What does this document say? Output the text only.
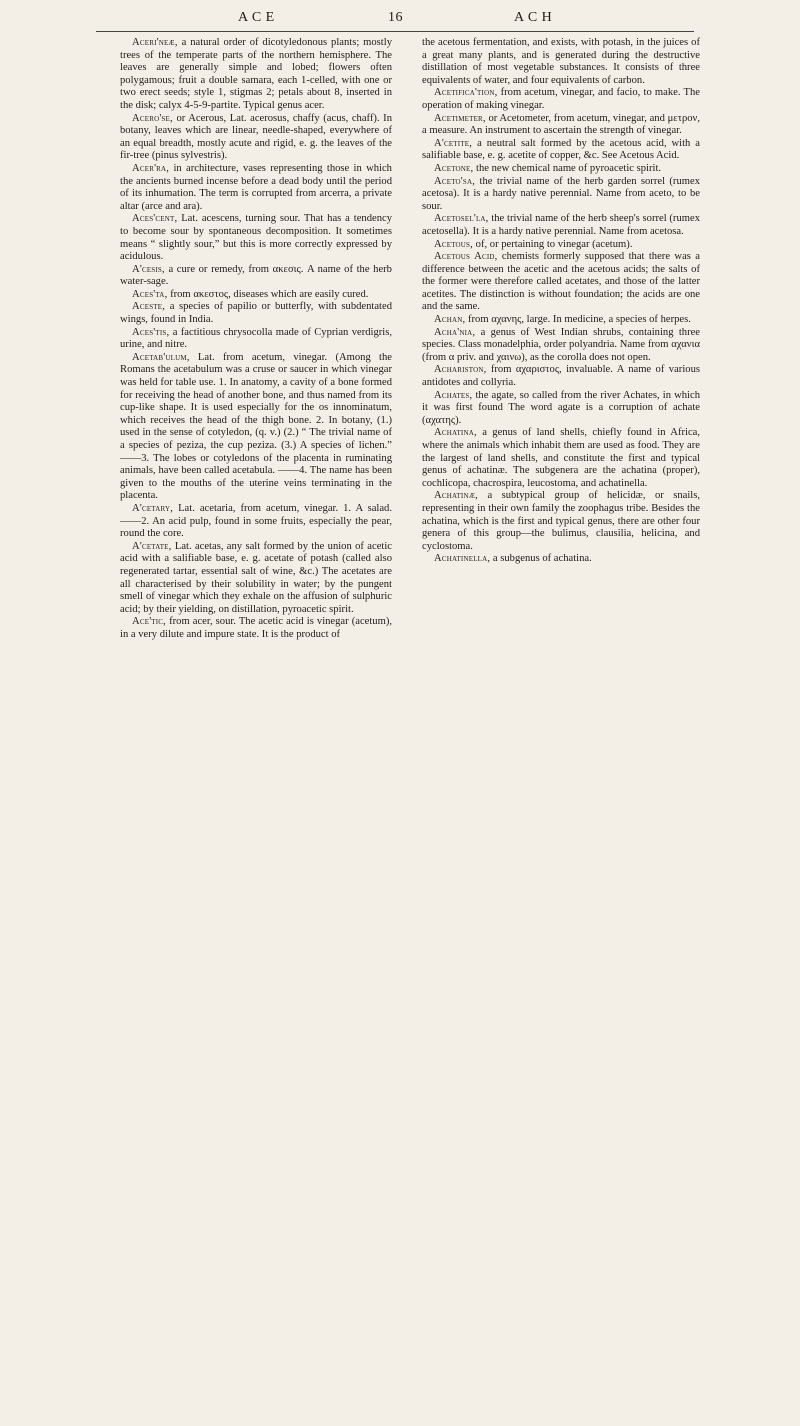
A C E	16	A C H

Aceri'neæ, a natural order of dicotyledonous plants; mostly trees of the temperate parts of the northern hemisphere. The leaves are generally simple and lobed; flowers often polygamous; fruit a double samara, each 1-celled, with one or two erect seeds; style 1, stigmas 2; petals about 8, inserted in the disk; calyx 4-5-9-partite. Typical genus acer.

Acero'se, or Acerous, Lat. acerosus, chaffy (acus, chaff). In botany, leaves which are linear, needle-shaped, everywhere of an equal breadth, mostly acute and rigid, e. g. the leaves of the fir-tree (pinus sylvestris).

Acer'ra, in architecture, vases representing those in which the ancients burned incense before a dead body until the period of its inhumation. The term is corrupted from arcerra, a private altar (arce and ara).

Aces'cent, Lat. acescens, turning sour. That has a tendency to become sour by spontaneous decomposition. It sometimes means “ slightly sour,” but this is more correctly expressed by acidulous.

A'cesis, a cure or remedy, from ακεσις. A name of the herb water-sage.

Aces'ta, from ακεστος, diseases which are easily cured.

Aceste, a species of papilio or butterfly, with subdentated wings, found in India.

Aces'tis, a factitious chrysocolla made of Cyprian verdigris, urine, and nitre.

Acetab'ulum, Lat. from acetum, vinegar. (Among the Romans the acetabulum was a cruse or saucer in which vinegar was held for table use. 1. In anatomy, a cavity of a bone formed for receiving the head of another bone, and thus named from its cup-like shape. It is used especially for the os innominatum, which receives the head of the thigh bone. 2. In botany, (1.) used in the sense of cotyledon, (q. v.) (2.) “ The trivial name of a species of peziza, the cup peziza. (3.) A species of lichen.” ——3. The lobes or cotyledons of the placenta in ruminating animals, have been called acetabula. ——4. The name has been given to the mouths of the uterine veins terminating in the placenta.

A'cetary, Lat. acetaria, from acetum, vinegar. 1. A salad. ——2. An acid pulp, found in some fruits, especially the pear, round the core.

A'cetate, Lat. acetas, any salt formed by the union of acetic acid with a salifiable base, e. g. acetate of potash (called also regenerated tartar, essential salt of wine, &c.) The acetates are all characterised by their solubility in water; by the pungent smell of vinegar which they exhale on the affusion of sulphuric acid; by their yielding, on distillation, pyroacetic spirit.

Ace'tic, from acer, sour. The acetic acid is vinegar (acetum), in a very dilute and impure state. It is the product of

the acetous fermentation, and exists, with potash, in the juices of a great many plants, and is generated during the destructive distillation of most vegetable substances. It consists of three equivalents of water, and four equivalents of carbon.

Acetifica'tion, from acetum, vinegar, and facio, to make. The operation of making vinegar.

Acetimeter, or Acetometer, from acetum, vinegar, and μετρον, a measure. An instrument to ascertain the strength of vinegar.

A'cetite, a neutral salt formed by the acetous acid, with a salifiable base, e. g. acetite of copper, &c. See Acetous Acid.

Acetone, the new chemical name of pyroacetic spirit.

Aceto'sa, the trivial name of the herb garden sorrel (rumex acetosa). It is a hardy native perennial. Name from aceto, to be sour.

Acetosel'la, the trivial name of the herb sheep's sorrel (rumex acetosella). It is a hardy native perennial. Name from acetosa.

Acetous, of, or pertaining to vinegar (acetum).

Acetous Acid, chemists formerly supposed that there was a difference between the acetic and the acetous acids; the salts of the former were therefore called acetates, and those of the latter acetites. The distinction is without foundation; the acids are one and the same.

Achan, from αχανης, large. In medicine, a species of herpes.

Acha'nia, a genus of West Indian shrubs, containing three species. Class monadelphia, order polyandria. Name from αχανια (from α priv. and χαινω), as the corolla does not open.

Achariston, from αχαριστος, invaluable. A name of various antidotes and collyria.

Achates, the agate, so called from the river Achates, in which it was first found The word agate is a corruption of achate (αχατης).

Achatina, a genus of land shells, chiefly found in Africa, where the animals which inhabit them are used as food. They are the largest of land shells, and constitute the first and typical genus of achatinæ. The subgenera are the achatina (proper), cochlicopa, chacrospira, leucostoma, and achatinella.

Achatinæ, a subtypical group of helicidæ, or snails, representing in their own family the zoophagus tribe. Besides the achatina, which is the first and typical genus, there are other four genera of this group—the bulimus, clausilia, helicina, and cyclostoma.

Achatinella, a subgenus of achatina.
